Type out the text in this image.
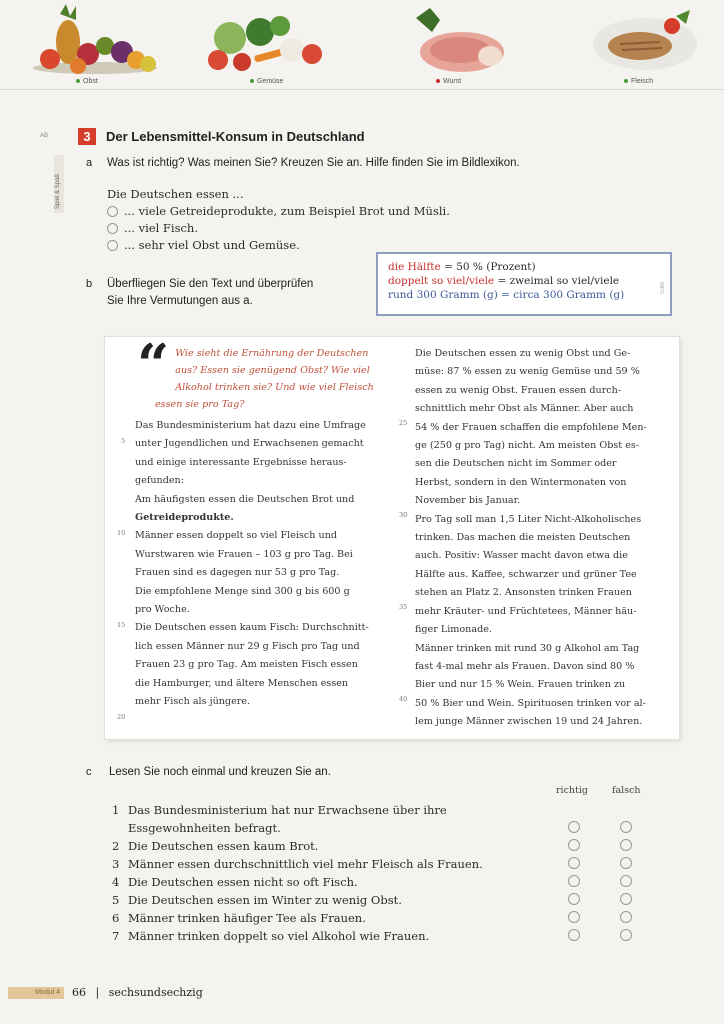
Obst	Gemüse	Wurst	Fleisch
AB
Spiel & Spaß
3	Der Lebensmittel-Konsum in Deutschland
a Was ist richtig? Was meinen Sie? Kreuzen Sie an. Hilfe finden Sie im Bildlexikon.
Die Deutschen essen ...
... viele Getreideprodukte, zum Beispiel Brot und Müsli.
... viel Fisch.
... sehr viel Obst und Gemüse.
b Überfliegen Sie den Text und überprüfen
Sie Ihre Vermutungen aus a.
die Hälfte = 50 % (Prozent)
doppelt so viel/viele = zweimal so viel/viele
rund 300 Gramm (g) = circa 300 Gramm (g)
INFO

“ Wie sieht die Ernährung der Deutschen aus? Essen sie genügend Obst? Wie viel Alkohol trinken sie? Und wie viel Fleisch essen sie pro Tag?

Das Bundesministerium hat dazu eine Umfrage

unter Jugendlichen und Erwachsenen gemacht

und einige interessante Ergebnisse heraus-

gefunden:

Am häufigsten essen die Deutschen Brot und

Getreideprodukte.

Männer essen doppelt so viel Fleisch und

Wurstwaren wie Frauen – 103 g pro Tag. Bei

Frauen sind es dagegen nur 53 g pro Tag.

Die empfohlene Menge sind 300 g bis 600 g

pro Woche.

Die Deutschen essen kaum Fisch: Durchschnitt-

lich essen Männer nur 29 g Fisch pro Tag und

Frauen 23 g pro Tag. Am meisten Fisch essen

die Hamburger, und ältere Menschen essen

mehr Fisch als jüngere.

5
10
15
20

Die Deutschen essen zu wenig Obst und Ge-

müse: 87 % essen zu wenig Gemüse und 59 %

essen zu wenig Obst. Frauen essen durch-

schnittlich mehr Obst als Männer. Aber auch

54 % der Frauen schaffen die empfohlene Men-

ge (250 g pro Tag) nicht. Am meisten Obst es-

sen die Deutschen nicht im Sommer oder

Herbst, sondern in den Wintermonaten von

November bis Januar.

Pro Tag soll man 1,5 Liter Nicht-Alkoholisches

trinken. Das machen die meisten Deutschen

auch. Positiv: Wasser macht davon etwa die

Hälfte aus. Kaffee, schwarzer und grüner Tee

stehen an Platz 2. Ansonsten trinken Frauen

mehr Kräuter- und Früchtetees, Männer häu-

figer Limonade.

Männer trinken mit rund 30 g Alkohol am Tag

fast 4-mal mehr als Frauen. Davon sind 80 %

Bier und nur 15 % Wein. Frauen trinken zu

50 % Bier und Wein. Spirituosen trinken vor al-

lem junge Männer zwischen 19 und 24 Jahren.

25
30
35
40
c Lesen Sie noch einmal und kreuzen Sie an.
richtig	falsch
1 Das Bundesministerium hat nur Erwachsene über ihre
Essgewohnheiten befragt.
2 Die Deutschen essen kaum Brot.
3 Männer essen durchschnittlich viel mehr Fleisch als Frauen.
4 Die Deutschen essen nicht so oft Fisch.
5 Die Deutschen essen im Winter zu wenig Obst.
6 Männer trinken häufiger Tee als Frauen.
7 Männer trinken doppelt so viel Alkohol wie Frauen.
Modul 4	66 | sechsundsechzig
